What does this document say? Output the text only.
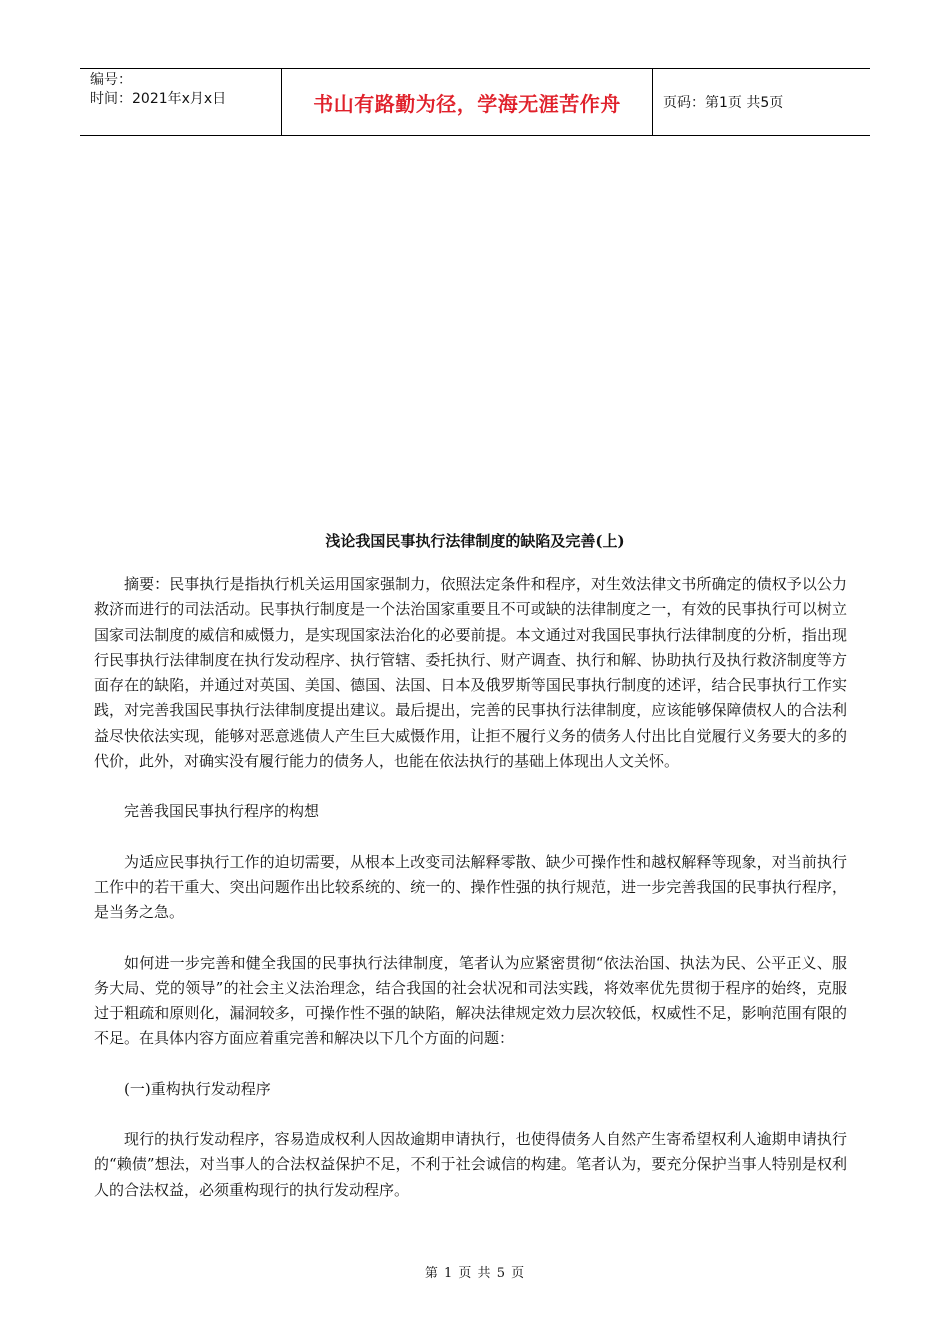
编号：
时间：2021年x月x日	书山有路勤为径，学海无涯苦作舟	页码：第1页 共5页
浅论我国民事执行法律制度的缺陷及完善(上)

摘要：民事执行是指执行机关运用国家强制力，依照法定条件和程序，对生效法律文书所确定的债权予以公力救济而进行的司法活动。民事执行制度是一个法治国家重要且不可或缺的法律制度之一，有效的民事执行可以树立国家司法制度的威信和威慑力，是实现国家法治化的必要前提。本文通过对我国民事执行法律制度的分析，指出现行民事执行法律制度在执行发动程序、执行管辖、委托执行、财产调查、执行和解、协助执行及执行救济制度等方面存在的缺陷，并通过对英国、美国、德国、法国、日本及俄罗斯等国民事执行制度的述评，结合民事执行工作实践，对完善我国民事执行法律制度提出建议。最后提出，完善的民事执行法律制度，应该能够保障债权人的合法利益尽快依法实现，能够对恶意逃债人产生巨大威慑作用，让拒不履行义务的债务人付出比自觉履行义务要大的多的代价，此外，对确实没有履行能力的债务人，也能在依法执行的基础上体现出人文关怀。

完善我国民事执行程序的构想

为适应民事执行工作的迫切需要，从根本上改变司法解释零散、缺少可操作性和越权解释等现象，对当前执行工作中的若干重大、突出问题作出比较系统的、统一的、操作性强的执行规范，进一步完善我国的民事执行程序，是当务之急。

如何进一步完善和健全我国的民事执行法律制度，笔者认为应紧密贯彻“依法治国、执法为民、公平正义、服务大局、党的领导”的社会主义法治理念，结合我国的社会状况和司法实践，将效率优先贯彻于程序的始终，克服过于粗疏和原则化，漏洞较多，可操作性不强的缺陷，解决法律规定效力层次较低，权威性不足，影响范围有限的不足。在具体内容方面应着重完善和解决以下几个方面的问题：

(一)重构执行发动程序

现行的执行发动程序，容易造成权利人因故逾期申请执行，也使得债务人自然产生寄希望权利人逾期申请执行的“赖债”想法，对当事人的合法权益保护不足，不利于社会诚信的构建。笔者认为，要充分保护当事人特别是权利人的合法权益，必须重构现行的执行发动程序。

第 1 页 共 5 页
